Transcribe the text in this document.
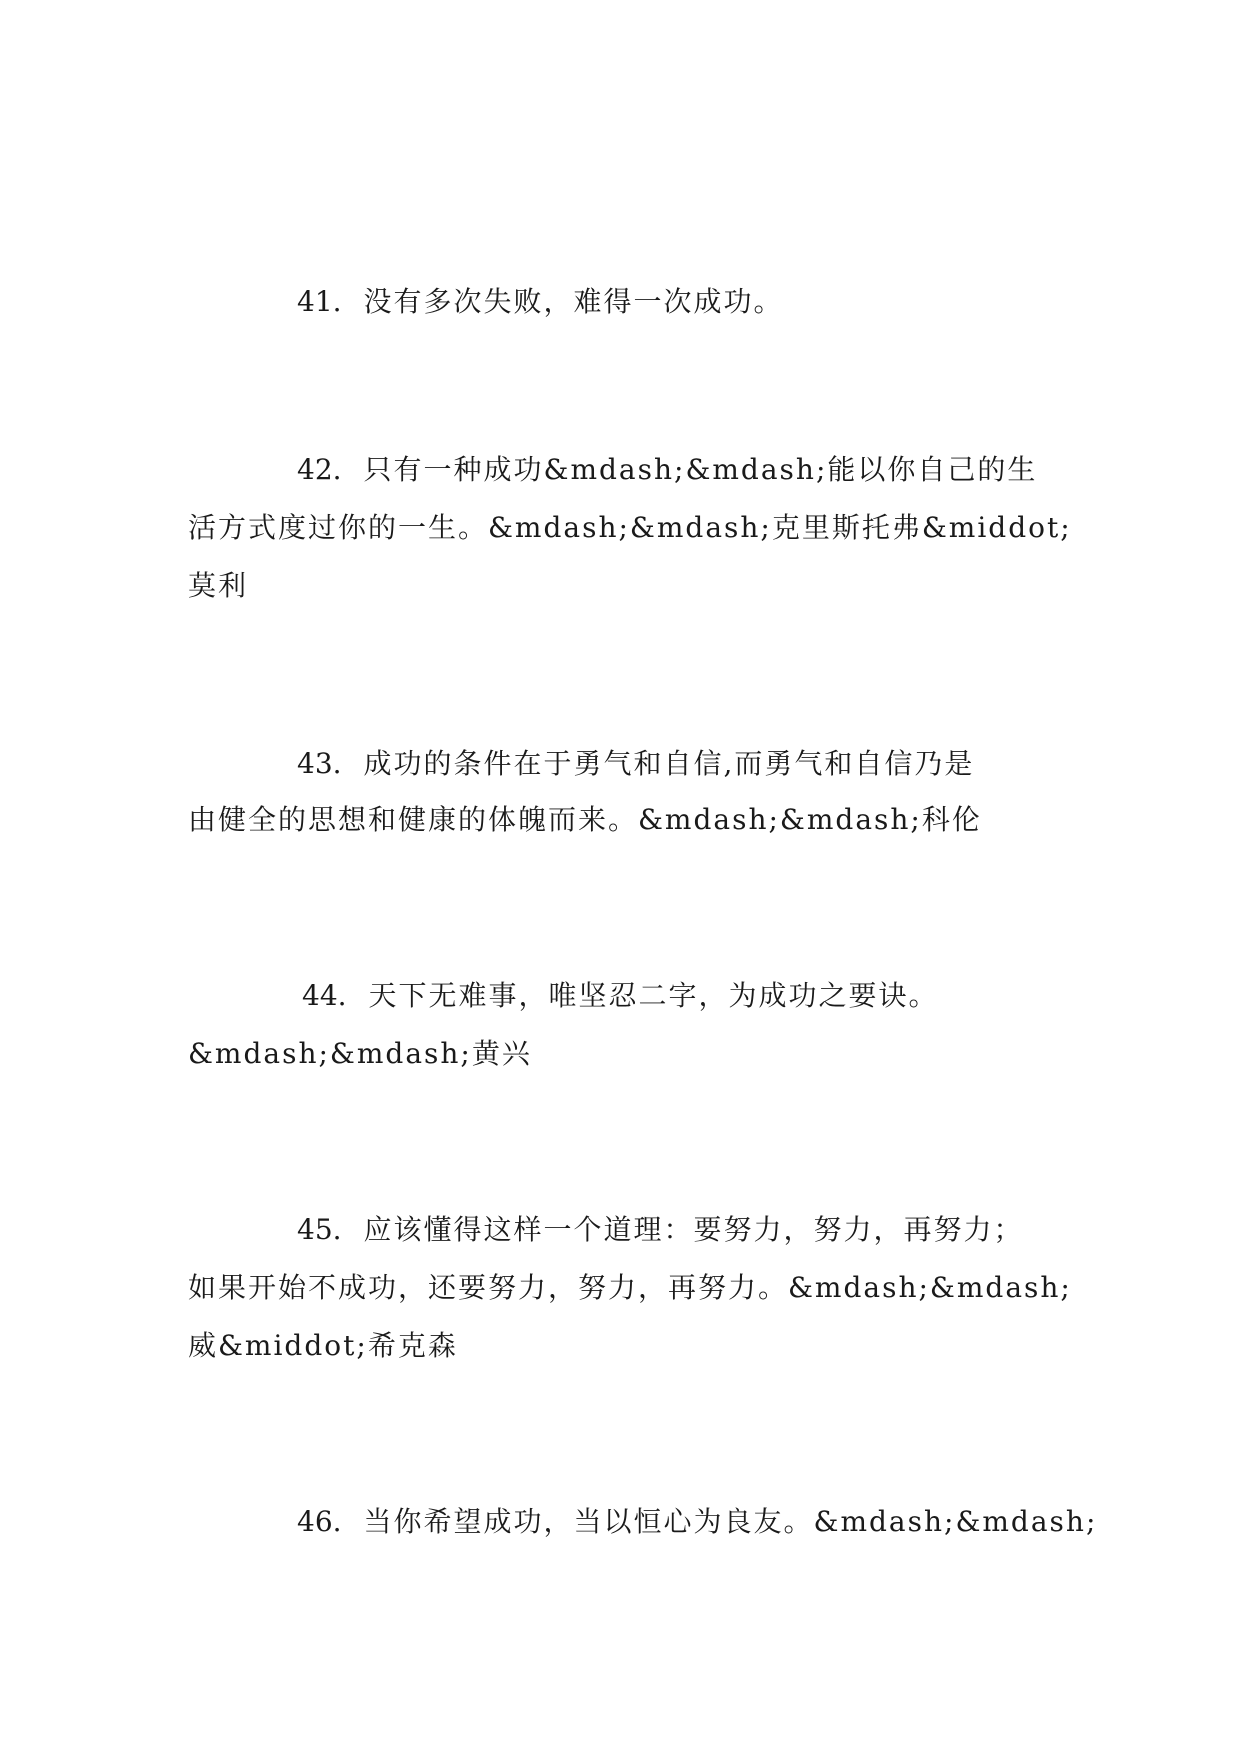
41. 没有多次失败，难得一次成功。
42. 只有一种成功&mdash;&mdash;能以你自己的生
活方式度过你的一生。&mdash;&mdash;克里斯托弗&middot;
莫利
43. 成功的条件在于勇气和自信,而勇气和自信乃是
由健全的思想和健康的体魄而来。&mdash;&mdash;科伦
44. 天下无难事，唯坚忍二字，为成功之要诀。
&mdash;&mdash;黄兴
45. 应该懂得这样一个道理：要努力，努力，再努力；
如果开始不成功，还要努力，努力，再努力。&mdash;&mdash;
威&middot;希克森
46. 当你希望成功，当以恒心为良友。&mdash;&mdash;
